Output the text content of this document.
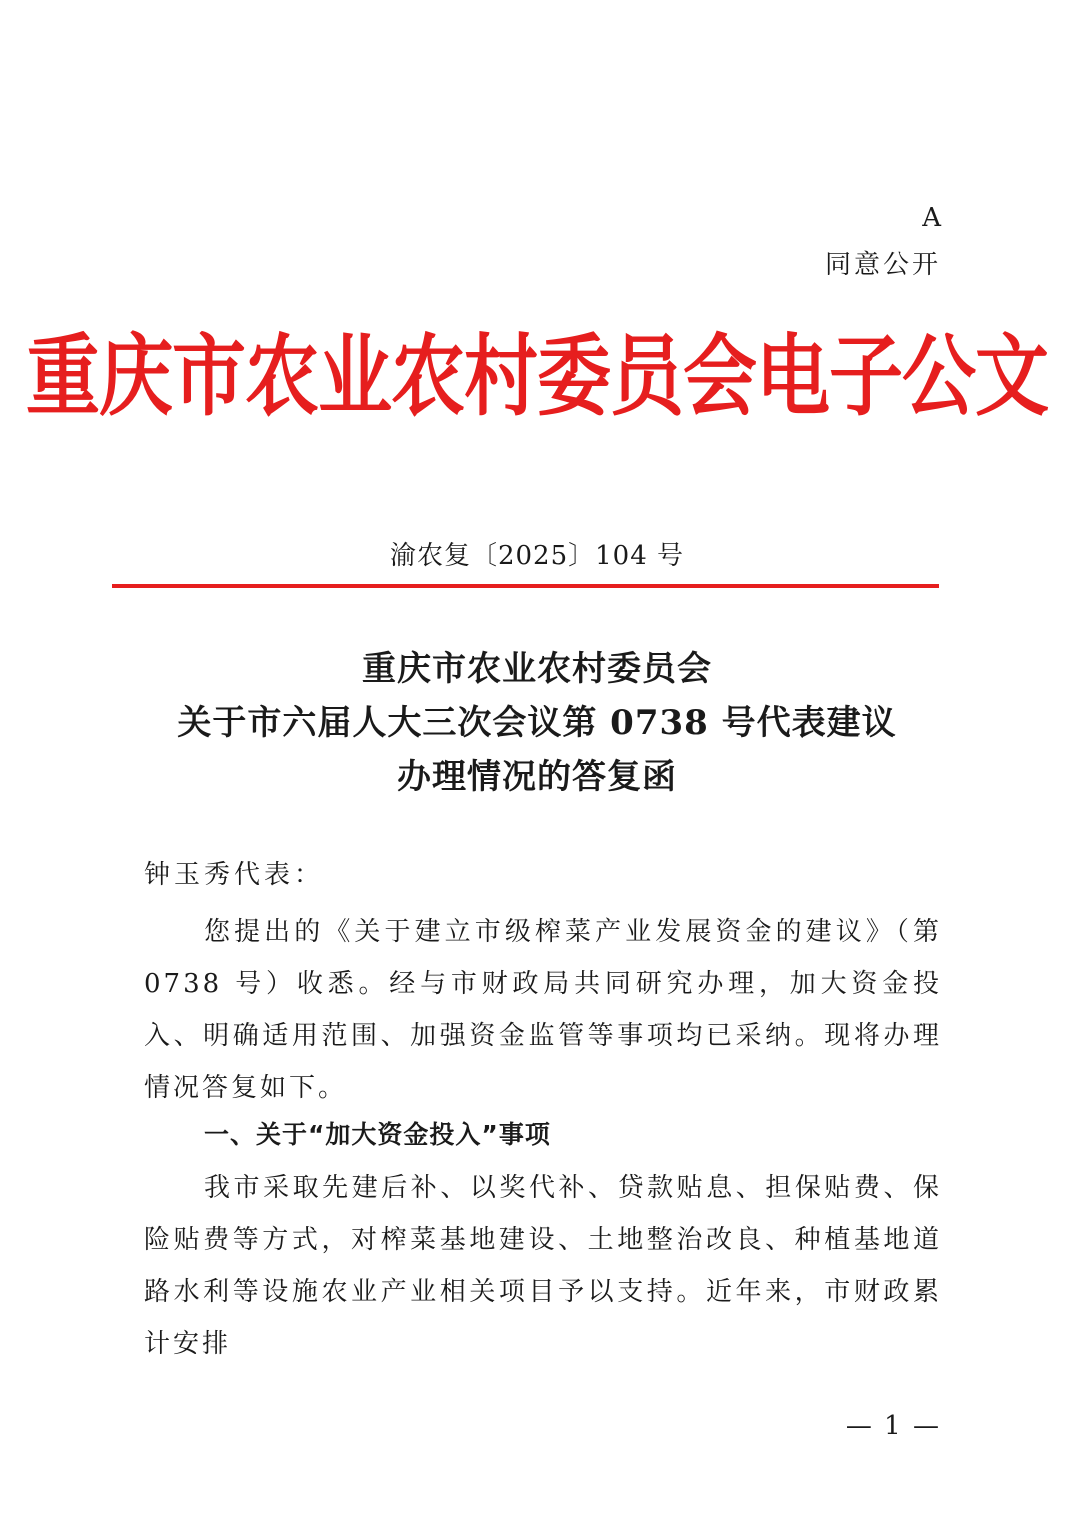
A
同意公开
重庆市农业农村委员会电子公文
渝农复〔2025〕104 号
重庆市农业农村委员会
关于市六届人大三次会议第 0738 号代表建议
办理情况的答复函
钟玉秀代表：
您提出的《关于建立市级榨菜产业发展资金的建议》（第 0738 号）收悉。经与市财政局共同研究办理，加大资金投入、明确适用范围、加强资金监管等事项均已采纳。现将办理情况答复如下。
一、关于“加大资金投入”事项
我市采取先建后补、以奖代补、贷款贴息、担保贴费、保险贴费等方式，对榨菜基地建设、土地整治改良、种植基地道路水利等设施农业产业相关项目予以支持。近年来，市财政累计安排
— 1 —
